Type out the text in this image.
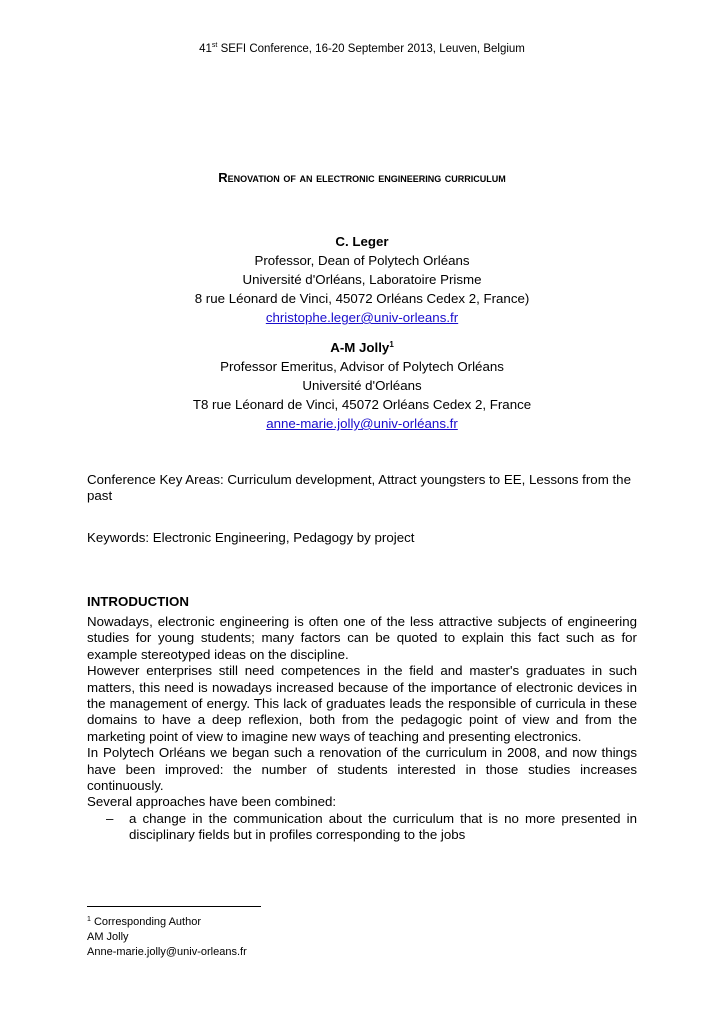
41st SEFI Conference, 16-20 September 2013, Leuven, Belgium
Renovation of an electronic engineering curriculum
C. Leger
Professor, Dean of Polytech Orléans
Université d'Orléans, Laboratoire Prisme
8 rue Léonard de Vinci, 45072 Orléans Cedex 2, France)
christophe.leger@univ-orleans.fr
A-M Jolly$^1$
Professor Emeritus, Advisor of Polytech Orléans
Université d'Orléans
T8 rue Léonard de Vinci, 45072 Orléans Cedex 2, France
anne-marie.jolly@univ-orléans.fr
Conference Key Areas: Curriculum development, Attract youngsters to EE, Lessons from the past
Keywords: Electronic Engineering, Pedagogy by project
INTRODUCTION

Nowadays, electronic engineering is often one of the less attractive subjects of engineering studies for young students; many factors can be quoted to explain this fact such as for example stereotyped ideas on the discipline.

However enterprises still need competences in the field and master's graduates in such matters, this need is nowadays increased because of the importance of electronic devices in the management of energy. This lack of graduates leads the responsible of curricula in these domains to have a deep reflexion, both from the pedagogic point of view and from the marketing point of view to imagine new ways of teaching and presenting electronics.

In Polytech Orléans we began such a renovation of the curriculum in 2008, and now things have been improved: the number of students interested in those studies increases continuously.

Several approaches have been combined:

– a change in the communication about the curriculum that is no more presented in disciplinary fields but in profiles corresponding to the jobs
$^1$ Corresponding Author
AM Jolly
Anne-marie.jolly@univ-orleans.fr
